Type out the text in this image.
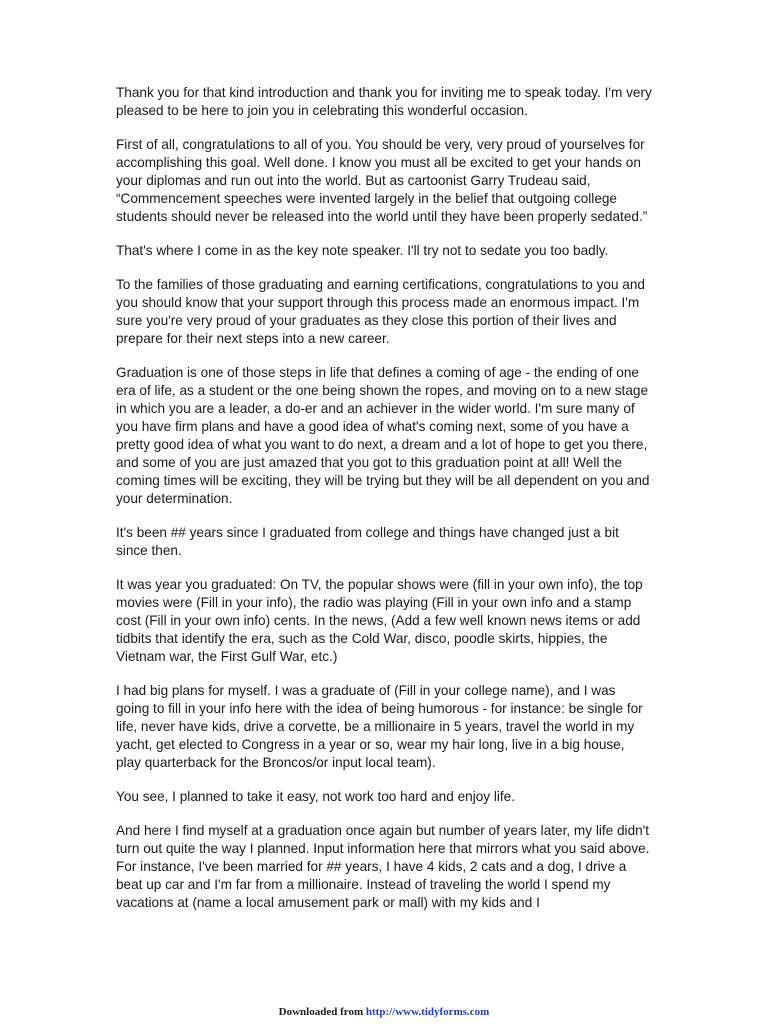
Thank you for that kind introduction and thank you for inviting me to speak today. I'm very pleased to be here to join you in celebrating this wonderful occasion.

First of all, congratulations to all of you. You should be very, very proud of yourselves for accomplishing this goal. Well done. I know you must all be excited to get your hands on your diplomas and run out into the world. But as cartoonist Garry Trudeau said, “Commencement speeches were invented largely in the belief that outgoing college students should never be released into the world until they have been properly sedated.”

That's where I come in as the key note speaker. I'll try not to sedate you too badly.

To the families of those graduating and earning certifications, congratulations to you and you should know that your support through this process made an enormous impact. I'm sure you're very proud of your graduates as they close this portion of their lives and prepare for their next steps into a new career.

Graduation is one of those steps in life that defines a coming of age - the ending of one era of life, as a student or the one being shown the ropes, and moving on to a new stage in which you are a leader, a do-er and an achiever in the wider world. I'm sure many of you have firm plans and have a good idea of what's coming next, some of you have a pretty good idea of what you want to do next, a dream and a lot of hope to get you there, and some of you are just amazed that you got to this graduation point at all! Well the coming times will be exciting, they will be trying but they will be all dependent on you and your determination.

It's been ## years since I graduated from college and things have changed just a bit since then.

It was year you graduated: On TV, the popular shows were (fill in your own info), the top movies were (Fill in your info), the radio was playing (Fill in your own info and a stamp cost (Fill in your own info) cents. In the news, (Add a few well known news items or add tidbits that identify the era, such as the Cold War, disco, poodle skirts, hippies, the Vietnam war, the First Gulf War, etc.)

I had big plans for myself. I was a graduate of (Fill in your college name), and I was going to fill in your info here with the idea of being humorous - for instance: be single for life, never have kids, drive a corvette, be a millionaire in 5 years, travel the world in my yacht, get elected to Congress in a year or so, wear my hair long, live in a big house, play quarterback for the Broncos/or input local team).

You see, I planned to take it easy, not work too hard and enjoy life.

And here I find myself at a graduation once again but number of years later, my life didn't turn out quite the way I planned. Input information here that mirrors what you said above. For instance, I've been married for ## years, I have 4 kids, 2 cats and a dog, I drive a beat up car and I'm far from a millionaire. Instead of traveling the world I spend my vacations at (name a local amusement park or mall) with my kids and I

Downloaded from http://www.tidyforms.com
